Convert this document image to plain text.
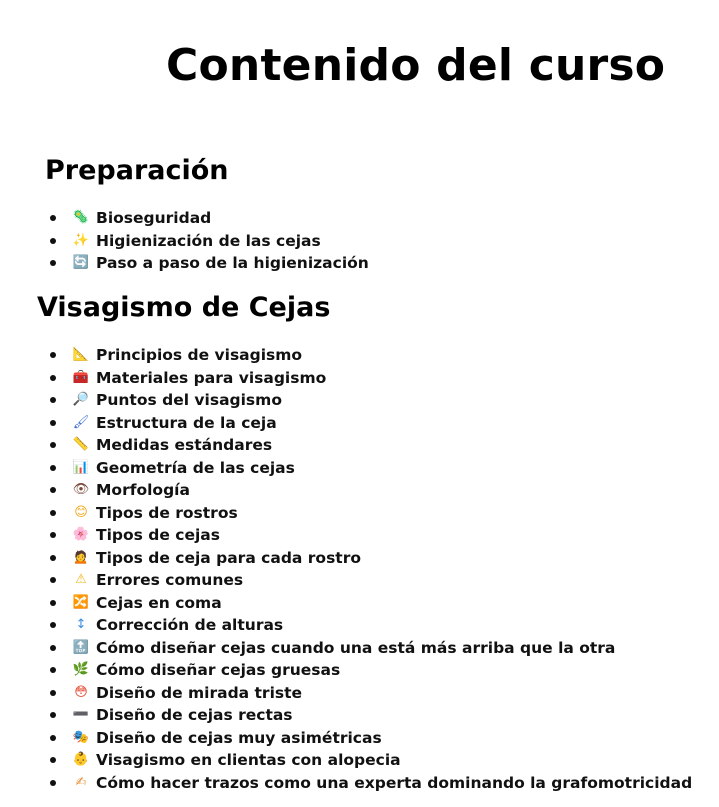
Contenido del curso
Preparación
🦠 Bioseguridad
✨ Higienización de las cejas
🔄 Paso a paso de la higienización
Visagismo de Cejas
📐 Principios de visagismo
🧰 Materiales para visagismo
🔎 Puntos del visagismo
🖌 Estructura de la ceja
📏 Medidas estándares
📊 Geometría de las cejas
👁 Morfología
😊 Tipos de rostros
🌸 Tipos de cejas
🙍 Tipos de ceja para cada rostro
⚠ Errores comunes
🔀 Cejas en coma
↕ Corrección de alturas
🔝 Cómo diseñar cejas cuando una está más arriba que la otra
🌿 Cómo diseñar cejas gruesas
😳 Diseño de mirada triste
➖ Diseño de cejas rectas
🎭 Diseño de cejas muy asimétricas
👶 Visagismo en clientas con alopecia
✍ Cómo hacer trazos como una experta dominando la grafomotricidad
